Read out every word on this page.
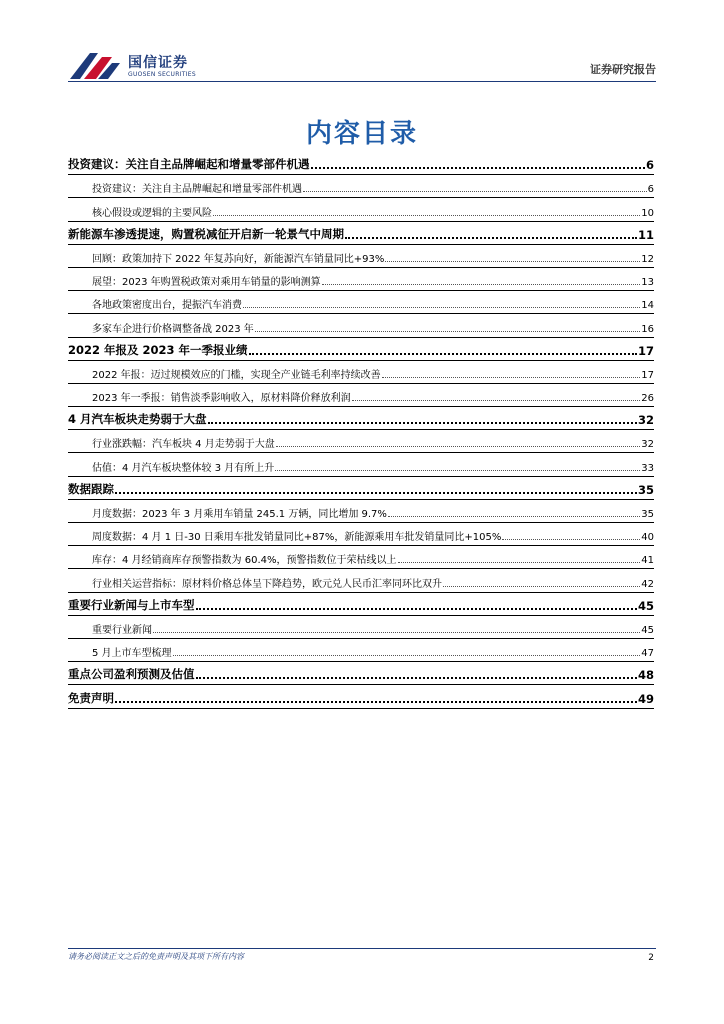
国信证券
GUOSEN SECURITIES	证券研究报告
内容目录
投资建议：关注自主品牌崛起和增量零部件机遇	6
投资建议：关注自主品牌崛起和增量零部件机遇	6
核心假设或逻辑的主要风险	10
新能源车渗透提速，购置税减征开启新一轮景气中周期	11
回顾：政策加持下 2022 年复苏向好，新能源汽车销量同比+93%	12
展望：2023 年购置税政策对乘用车销量的影响测算	13
各地政策密度出台，提振汽车消费	14
多家车企进行价格调整备战 2023 年	16
2022 年报及 2023 年一季报业绩	17
2022 年报：迈过规模效应的门槛，实现全产业链毛利率持续改善	17
2023 年一季报：销售淡季影响收入，原材料降价释放利润	26
4 月汽车板块走势弱于大盘	32
行业涨跌幅：汽车板块 4 月走势弱于大盘	32
估值：4 月汽车板块整体较 3 月有所上升	33
数据跟踪	35
月度数据：2023 年 3 月乘用车销量 245.1 万辆，同比增加 9.7%	35
周度数据：4 月 1 日-30 日乘用车批发销量同比+87%，新能源乘用车批发销量同比+105%	40
库存：4 月经销商库存预警指数为 60.4%，预警指数位于荣枯线以上	41
行业相关运营指标：原材料价格总体呈下降趋势，欧元兑人民币汇率同环比双升	42
重要行业新闻与上市车型	45
重要行业新闻	45
5 月上市车型梳理	47
重点公司盈利预测及估值	48
免责声明	49
请务必阅读正文之后的免责声明及其项下所有内容	2
